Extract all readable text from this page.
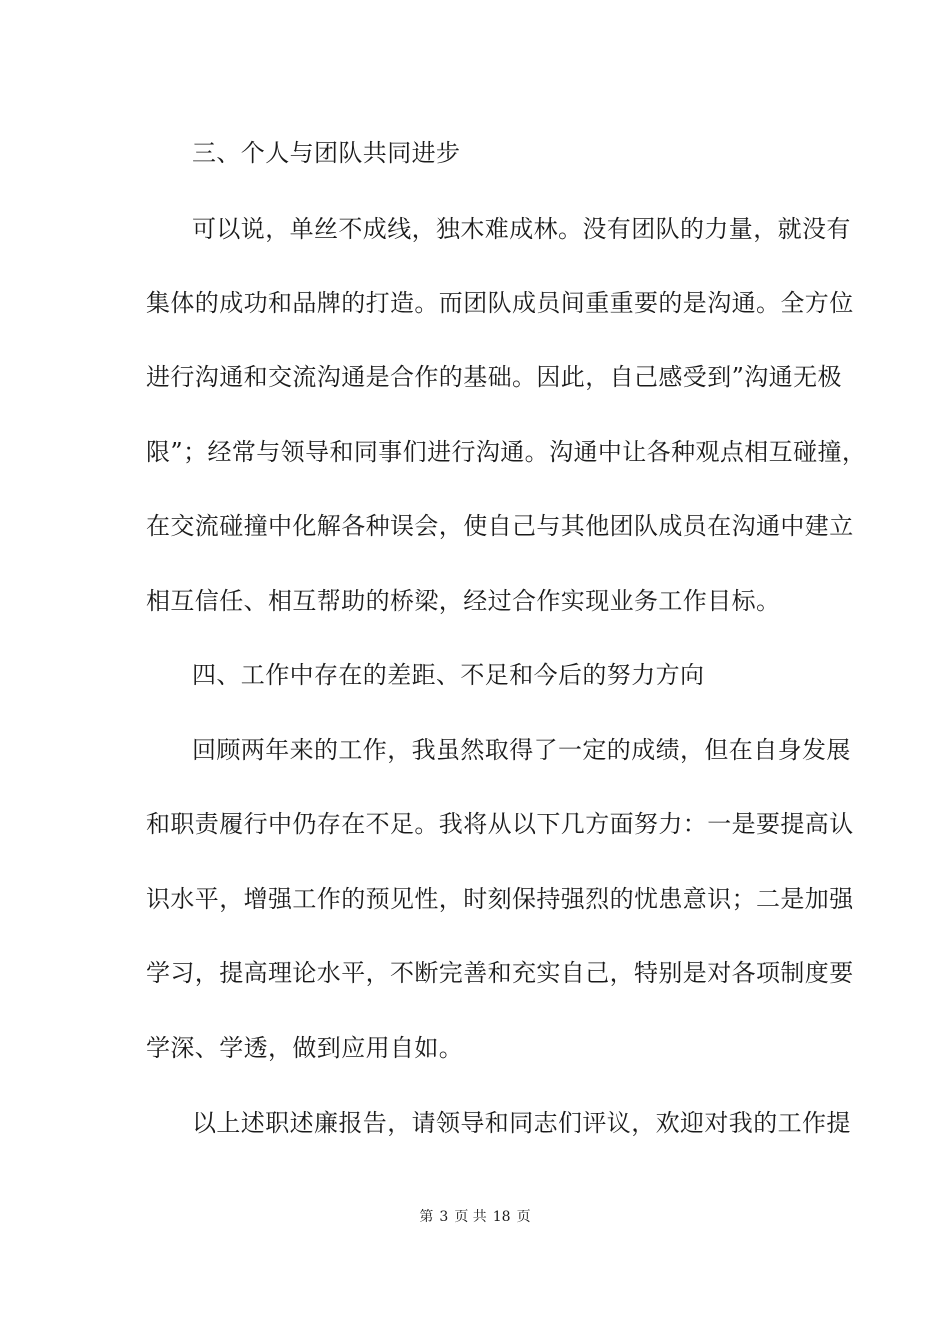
三、个人与团队共同进步
可以说，单丝不成线，独木难成林。没有团队的力量，就没有
集体的成功和品牌的打造。而团队成员间重重要的是沟通。全方位
进行沟通和交流沟通是合作的基础。因此，自己感受到”沟通无极
限”；经常与领导和同事们进行沟通。沟通中让各种观点相互碰撞，
在交流碰撞中化解各种误会，使自己与其他团队成员在沟通中建立
相互信任、相互帮助的桥梁，经过合作实现业务工作目标。
四、工作中存在的差距、不足和今后的努力方向
回顾两年来的工作，我虽然取得了一定的成绩，但在自身发展
和职责履行中仍存在不足。我将从以下几方面努力：一是要提高认
识水平，增强工作的预见性，时刻保持强烈的忧患意识；二是加强
学习，提高理论水平，不断完善和充实自己，特别是对各项制度要
学深、学透，做到应用自如。
以上述职述廉报告，请领导和同志们评议，欢迎对我的工作提
第 3 页 共 18 页
